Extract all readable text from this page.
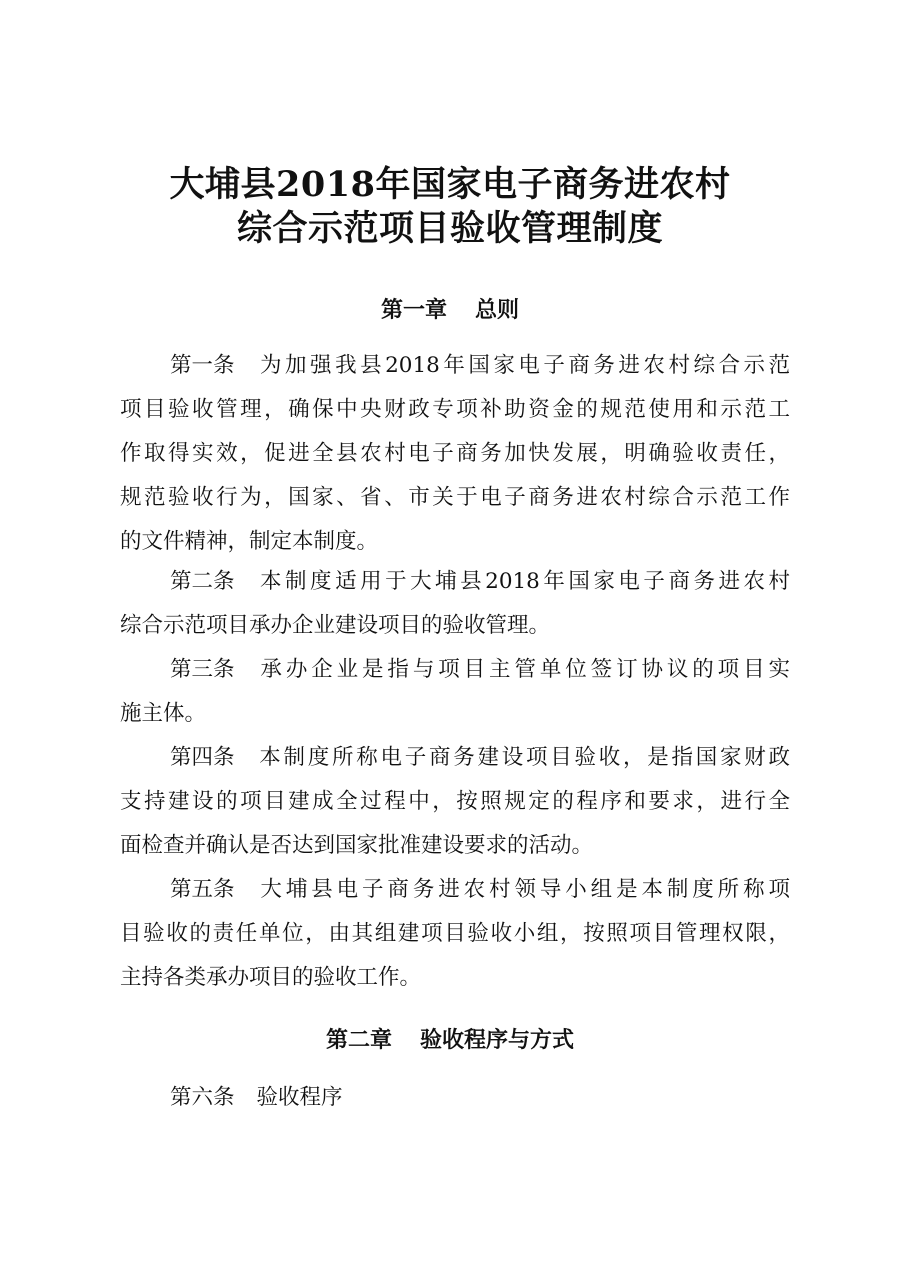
大埔县2018年国家电子商务进农村
综合示范项目验收管理制度
第一章 总则
第一条 为加强我县2018年国家电子商务进农村综合示范
项目验收管理，确保中央财政专项补助资金的规范使用和示范工
作取得实效，促进全县农村电子商务加快发展，明确验收责任，
规范验收行为，国家、省、市关于电子商务进农村综合示范工作
的文件精神，制定本制度。
第二条 本制度适用于大埔县2018年国家电子商务进农村
综合示范项目承办企业建设项目的验收管理。
第三条 承办企业是指与项目主管单位签订协议的项目实
施主体。
第四条 本制度所称电子商务建设项目验收，是指国家财政
支持建设的项目建成全过程中，按照规定的程序和要求，进行全
面检查并确认是否达到国家批准建设要求的活动。
第五条 大埔县电子商务进农村领导小组是本制度所称项
目验收的责任单位，由其组建项目验收小组，按照项目管理权限，
主持各类承办项目的验收工作。
第二章 验收程序与方式
第六条 验收程序
